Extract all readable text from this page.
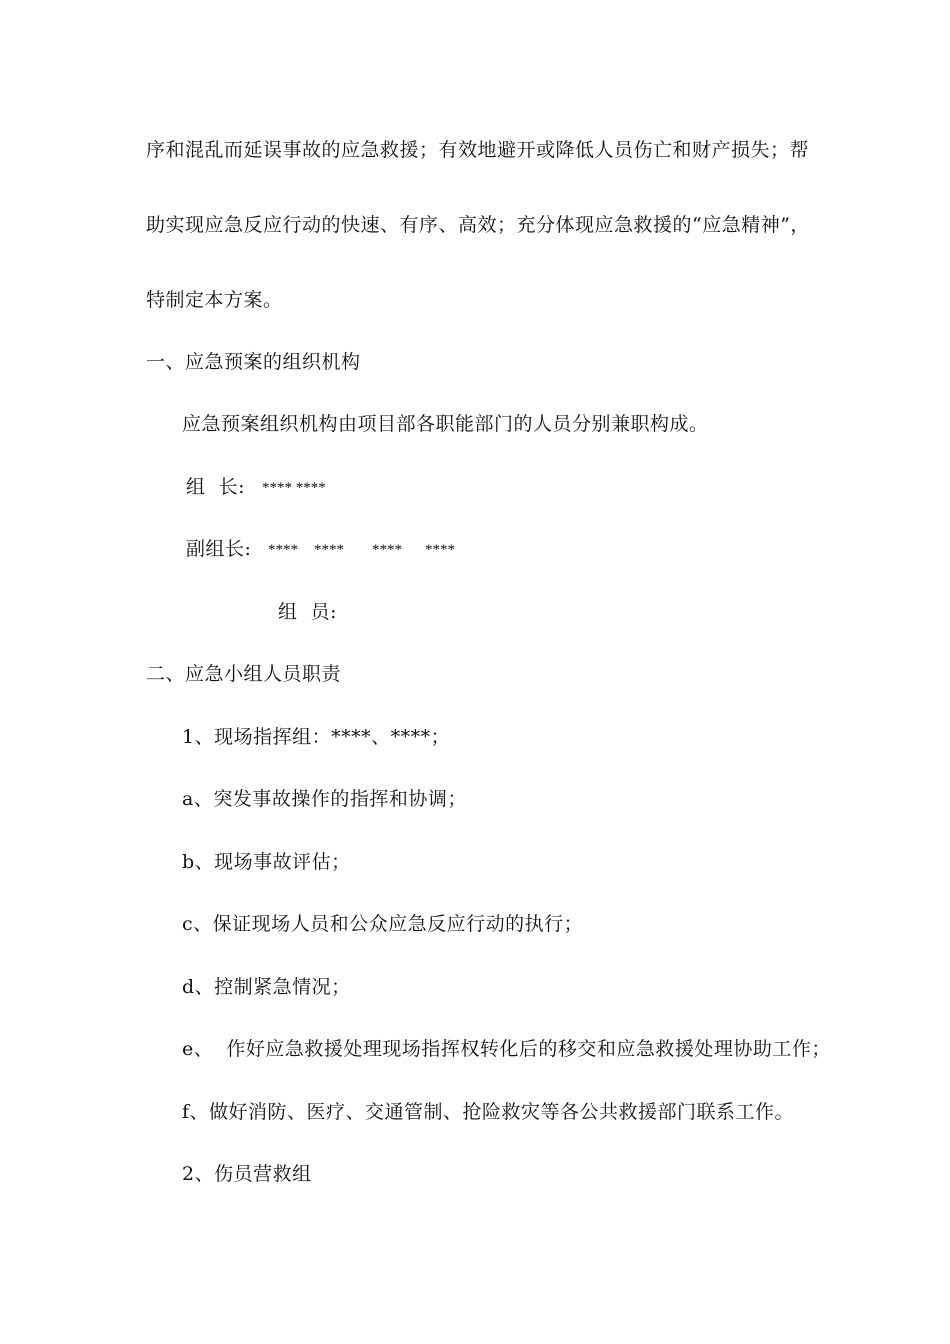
序和混乱而延误事故的应急救援；有效地避开或降低人员伤亡和财产损失；帮
助实现应急反应行动的快速、有序、高效；充分体现应急救援的“应急精神”，
特制定本方案。
一、应急预案的组织机构
应急预案组织机构由项目部各职能部门的人员分别兼职构成。
组  长: **** ****
副组长: **** **** **** ****
组  员:
二、应急小组人员职责
1、现场指挥组：****、****；
a、突发事故操作的指挥和协调；
b、现场事故评估；
c、保证现场人员和公众应急反应行动的执行；
d、控制紧急情况；
e、  作好应急救援处理现场指挥权转化后的移交和应急救援处理协助工作；
f、做好消防、医疗、交通管制、抢险救灾等各公共救援部门联系工作。
2、伤员营救组
